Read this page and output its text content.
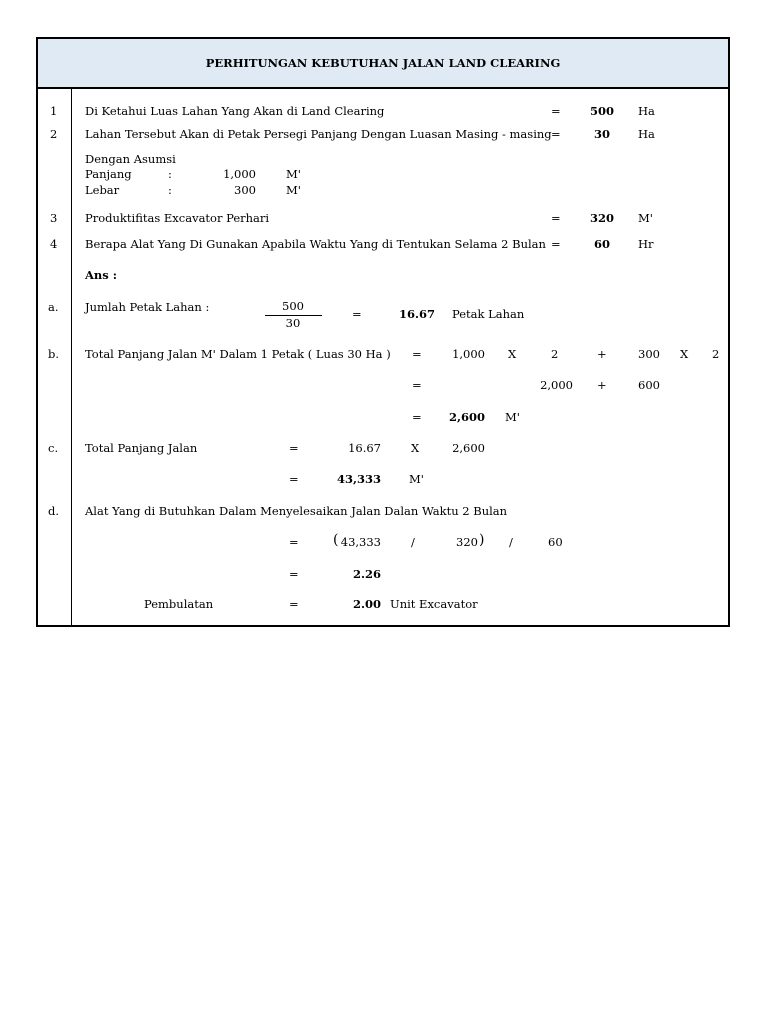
PERHITUNGAN KEBUTUHAN JALAN LAND CLEARING
1 Di Ketahui Luas Lahan Yang Akan di Land Clearing	=	500 Ha
2 Lahan Tersebut Akan di Petak Persegi Panjang Dengan Luasan Masing - masing =	30 Ha
Dengan Asumsi
Panjang	:	1,000	M'
Lebar	:	300	M'
3 Produktifitas Excavator Perhari	=	320 M'
4 Berapa Alat Yang Di Gunakan Apabila Waktu Yang di Tentukan Selama 2 Bulan =	60 Hr
Ans :
a. Jumlah Petak Lahan :	500
30
=	16.67 Petak Lahan
b. Total Panjang Jalan M' Dalam 1 Petak ( Luas 30 Ha ) =	1,000 X	2	+	300 X 2
=	2,000 +	600
=	2,600 M'
c. Total Panjang Jalan	=	16.67	X	2,600
=	43,333 M'
d. Alat Yang di Butuhkan Dalam Menyelesaikan Jalan Dalan Waktu 2 Bulan
= ( 43,333	/	320 ) /	60
=	2.26
Pembulatan	=	2.00 Unit Excavator
